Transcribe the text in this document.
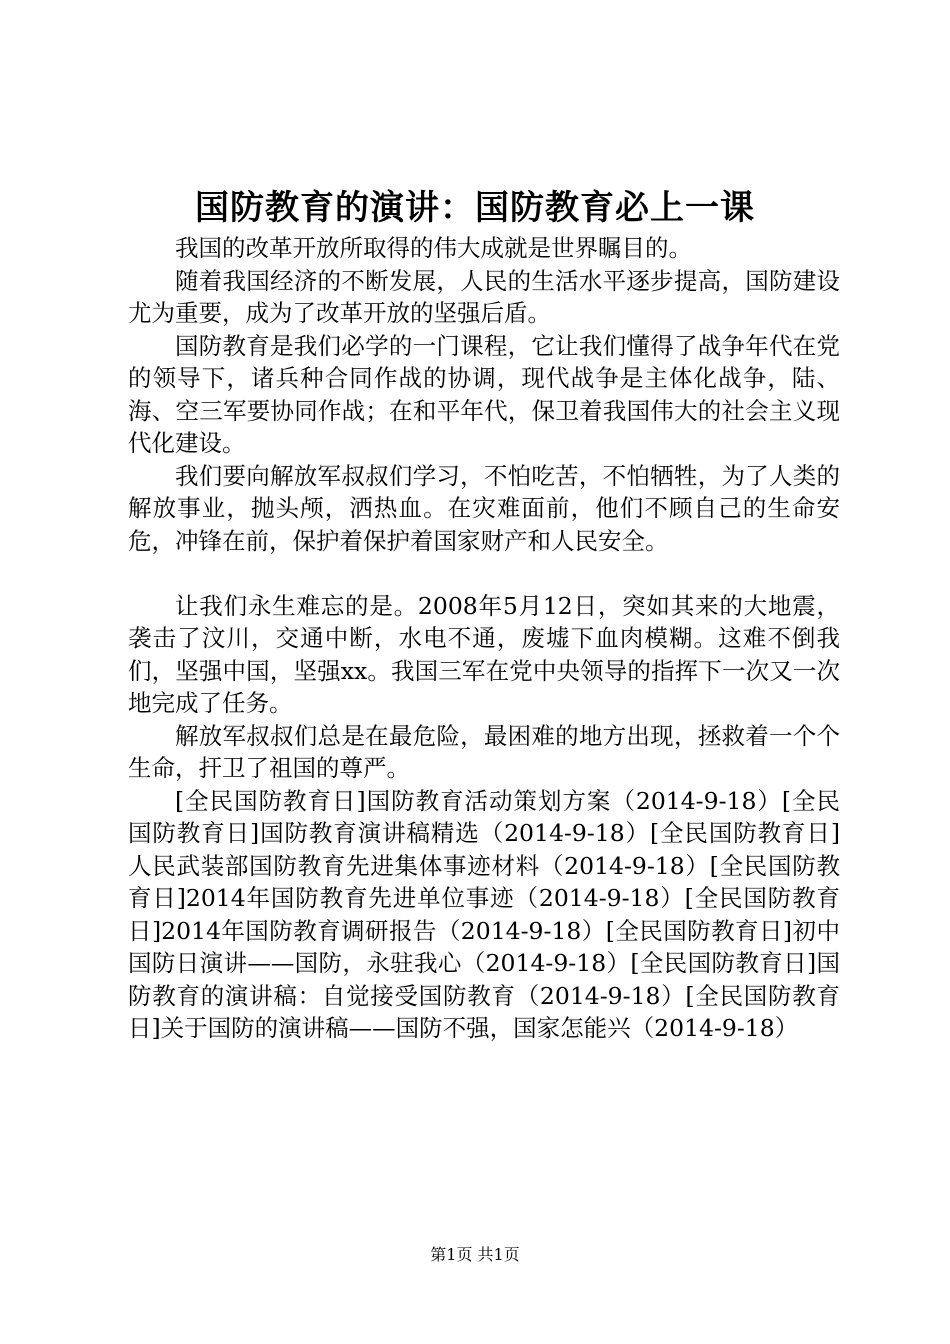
国防教育的演讲：国防教育必上一课

我国的改革开放所取得的伟大成就是世界瞩目的。

随着我国经济的不断发展，人民的生活水平逐步提高，国防建设尤为重要，成为了改革开放的坚强后盾。

国防教育是我们必学的一门课程，它让我们懂得了战争年代在党的领导下，诸兵种合同作战的协调，现代战争是主体化战争，陆、海、空三军要协同作战；在和平年代，保卫着我国伟大的社会主义现代化建设。

我们要向解放军叔叔们学习，不怕吃苦，不怕牺牲，为了人类的解放事业，抛头颅，洒热血。在灾难面前，他们不顾自己的生命安危，冲锋在前，保护着保护着国家财产和人民安全。

让我们永生难忘的是。2008年5月12日，突如其来的大地震，袭击了汶川，交通中断，水电不通，废墟下血肉模糊。这难不倒我们，坚强中国，坚强xx。我国三军在党中央领导的指挥下一次又一次地完成了任务。

解放军叔叔们总是在最危险，最困难的地方出现，拯救着一个个生命，扞卫了祖国的尊严。

[全民国防教育日]国防教育活动策划方案（2014-9-18）[全民国防教育日]国防教育演讲稿精选（2014-9-18）[全民国防教育日]人民武装部国防教育先进集体事迹材料（2014-9-18）[全民国防教育日]2014年国防教育先进单位事迹（2014-9-18）[全民国防教育日]2014年国防教育调研报告（2014-9-18）[全民国防教育日]初中国防日演讲——国防，永驻我心（2014-9-18）[全民国防教育日]国防教育的演讲稿：自觉接受国防教育（2014-9-18）[全民国防教育日]关于国防的演讲稿——国防不强，国家怎能兴（2014-9-18）

第1页 共1页
